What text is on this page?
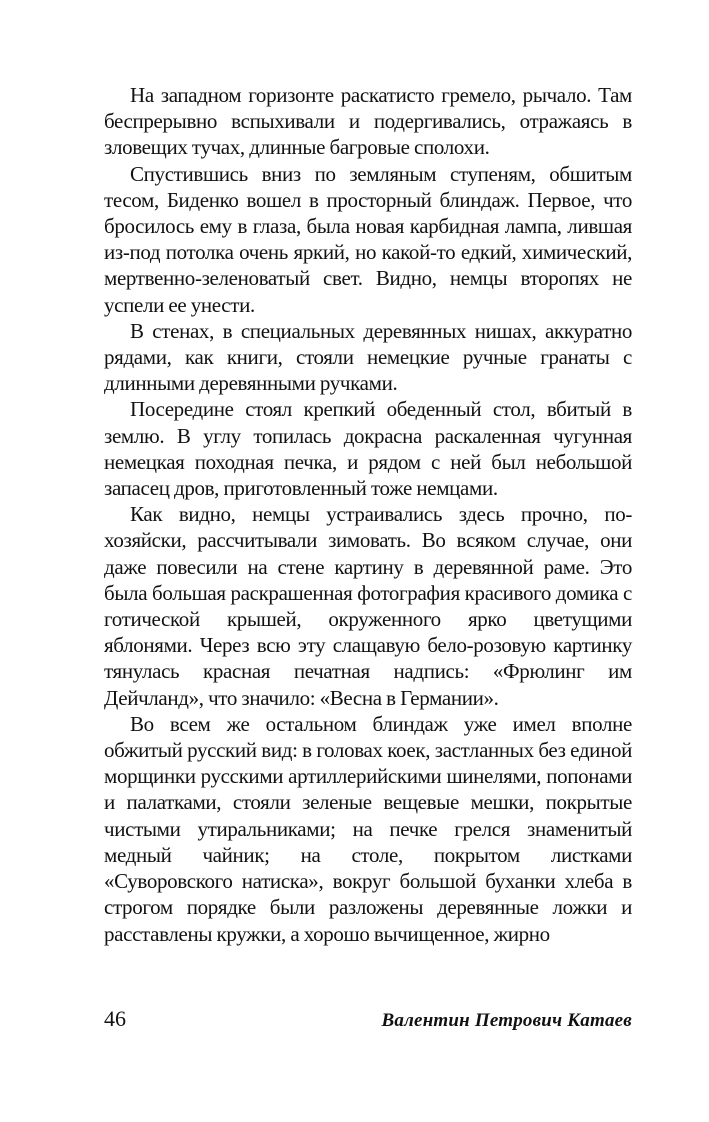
На западном горизонте раскатисто гремело, рычало. Там беспрерывно вспыхивали и подергивались, отражаясь в зловещих тучах, длинные багровые сполохи.

Спустившись вниз по земляным ступеням, обшитым тесом, Биденко вошел в просторный блиндаж. Первое, что бросилось ему в глаза, была новая карбидная лампа, лившая из-под потолка очень яркий, но какой-то едкий, химический, мертвенно-зеленоватый свет. Видно, немцы второпях не успели ее унести.

В стенах, в специальных деревянных нишах, аккуратно рядами, как книги, стояли немецкие ручные гранаты с длинными деревянными ручками.

Посередине стоял крепкий обеденный стол, вбитый в землю. В углу топилась докрасна раскаленная чугунная немецкая походная печка, и рядом с ней был небольшой запасец дров, приготовленный тоже немцами.

Как видно, немцы устраивались здесь прочно, по-хозяйски, рассчитывали зимовать. Во всяком случае, они даже повесили на стене картину в деревянной раме. Это была большая раскрашенная фотография красивого домика с готической крышей, окруженного ярко цветущими яблонями. Через всю эту слащавую бело-розовую картинку тянулась красная печатная надпись: «Фрюлинг им Дейчланд», что значило: «Весна в Германии».

Во всем же остальном блиндаж уже имел вполне обжитый русский вид: в головах коек, застланных без единой морщинки русскими артиллерийскими шинелями, попонами и палатками, стояли зеленые вещевые мешки, покрытые чистыми утиральниками; на печке грелся знаменитый медный чайник; на столе, покрытом листками «Суворовского натиска», вокруг большой буханки хлеба в строгом порядке были разложены деревянные ложки и расставлены кружки, а хорошо вычищенное, жирно

46	Валентин Петрович Катаев
